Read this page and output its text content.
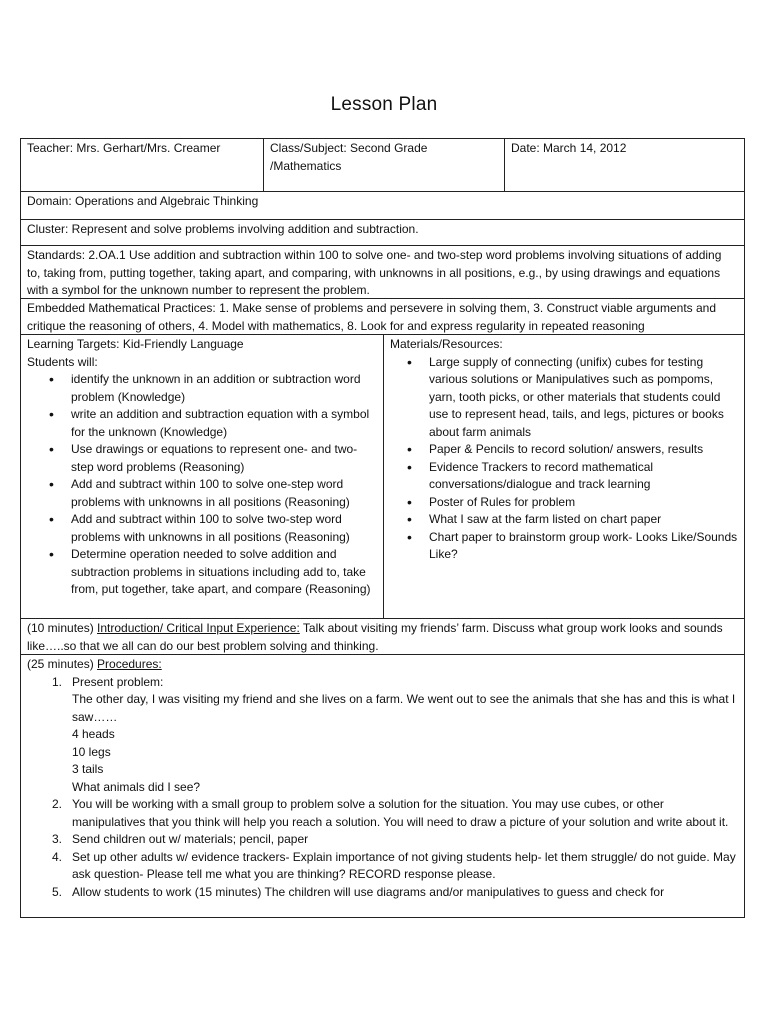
Lesson Plan
Teacher: Mrs. Gerhart/Mrs. Creamer	Class/Subject: Second Grade
/Mathematics
Date: March 14, 2012
Domain: Operations and Algebraic Thinking
Cluster: Represent and solve problems involving addition and subtraction.
Standards: 2.OA.1 Use addition and subtraction within 100 to solve one- and two-step word problems involving situations of adding to, taking from, putting together, taking apart, and comparing, with unknowns in all positions, e.g., by using drawings and equations with a symbol for the unknown number to represent the problem.
Embedded Mathematical Practices: 1. Make sense of problems and persevere in solving them, 3. Construct viable arguments and critique the reasoning of others, 4. Model with mathematics, 8. Look for and express regularity in repeated reasoning
Learning Targets: Kid-Friendly Language
Students will:
• identify the unknown in an addition or subtraction word problem (Knowledge)
• write an addition and subtraction equation with a symbol for the unknown (Knowledge)
• Use drawings or equations to represent one- and two-step word problems (Reasoning)
• Add and subtract within 100 to solve one-step word problems with unknowns in all positions (Reasoning)
• Add and subtract within 100 to solve two-step word problems with unknowns in all positions (Reasoning)
• Determine operation needed to solve addition and subtraction problems in situations including add to, take from, put together, take apart, and compare (Reasoning)
Materials/Resources:
• Large supply of connecting (unifix) cubes for testing various solutions or Manipulatives such as pompoms, yarn, tooth picks, or other materials that students could use to represent head, tails, and legs, pictures or books about farm animals
• Paper & Pencils to record solution/ answers, results
• Evidence Trackers to record mathematical conversations/dialogue and track learning
• Poster of Rules for problem
• What I saw at the farm listed on chart paper
• Chart paper to brainstorm group work- Looks Like/Sounds Like?
(10 minutes) Introduction/ Critical Input Experience: Talk about visiting my friends’ farm. Discuss what group work looks and sounds like…..so that we all can do our best problem solving and thinking.
(25 minutes) Procedures:
1. Present problem:
The other day, I was visiting my friend and she lives on a farm. We went out to see the animals that she has and this is what I saw……
4 heads
10 legs
3 tails
What animals did I see?
2. You will be working with a small group to problem solve a solution for the situation. You may use cubes, or other manipulatives that you think will help you reach a solution. You will need to draw a picture of your solution and write about it.
3. Send children out w/ materials; pencil, paper
4. Set up other adults w/ evidence trackers- Explain importance of not giving students help- let them struggle/ do not guide. May ask question- Please tell me what you are thinking? RECORD response please.
5. Allow students to work (15 minutes) The children will use diagrams and/or manipulatives to guess and check for
